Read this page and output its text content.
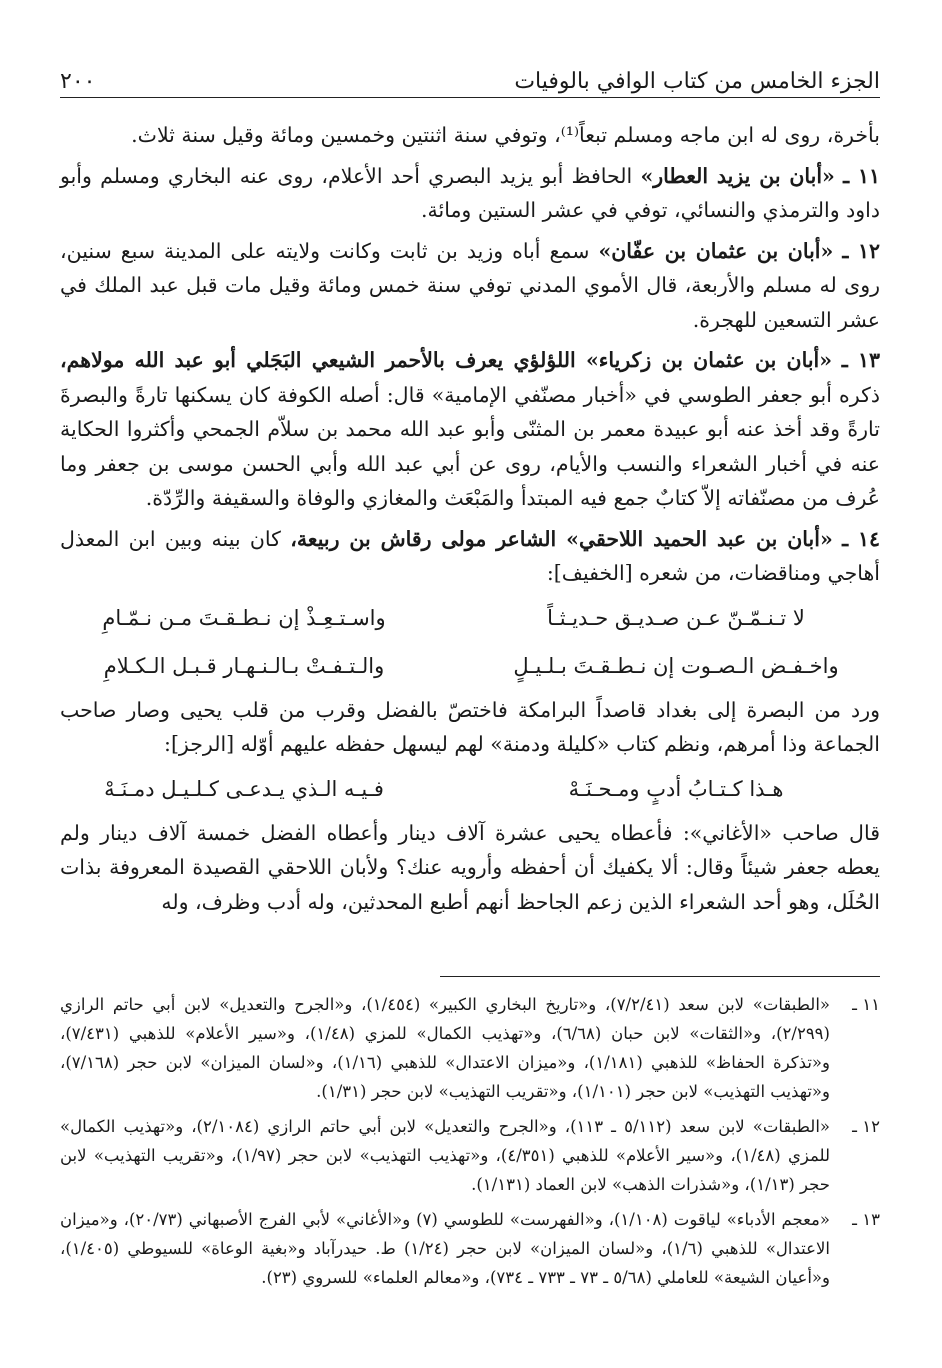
الجزء الخامس من كتاب الوافي بالوفيات
٢٠٠

بأخرة، روى له ابن ماجه ومسلم تبعاً⁽¹⁾، وتوفي سنة اثنتين وخمسين ومائة وقيل سنة ثلاث.

١١ ـ «أبان بن يزيد العطار» الحافظ أبو يزيد البصري أحد الأعلام، روى عنه البخاري ومسلم وأبو داود والترمذي والنسائي، توفي في عشر الستين ومائة.

١٢ ـ «أبان بن عثمان بن عفّان» سمع أباه وزيد بن ثابت وكانت ولايته على المدينة سبع سنين، روى له مسلم والأربعة، قال الأموي المدني توفي سنة خمس ومائة وقيل مات قبل عبد الملك في عشر التسعين للهجرة.

١٣ ـ «أبان بن عثمان بن زكرياء» اللؤلؤي يعرف بالأحمر الشيعي البَجَلي أبو عبد الله مولاهم، ذكره أبو جعفر الطوسي في «أخبار مصنّفي الإمامية» قال: أصله الكوفة كان يسكنها تارةً والبصرةَ تارةً وقد أخذ عنه أبو عبيدة معمر بن المثنّى وأبو عبد الله محمد بن سلاّم الجمحي وأكثروا الحكاية عنه في أخبار الشعراء والنسب والأيام، روى عن أبي عبد الله وأبي الحسن موسى بن جعفر وما عُرف من مصنّفاته إلاّ كتابٌ جمع فيه المبتدأ والمَبْعَث والمغازي والوفاة والسقيفة والرِّدّة.

١٤ ـ «أبان بن عبد الحميد اللاحقي» الشاعر مولى رقاش بن ربيعة، كان بينه وبين ابن المعذل أهاجي ومناقضات، من شعره [الخفيف]:

لا تـنـمّـنّ عـن صـديـق حـديـثـاً
واسـتـعِـذْ إن نـطـقـتَ مـن نـمّـامِ
واخـفـض الـصـوت إن نـطـقـتَ بـلـيـلٍ
والـتـفـتْ بـالـنـهـار قـبـل الـكـلامِ

ورد من البصرة إلى بغداد قاصداً البرامكة فاختصّ بالفضل وقرب من قلب يحيى وصار صاحب الجماعة وذا أمرهم، ونظم كتاب «كليلة ودمنة» لهم ليسهل حفظه عليهم أوّله [الرجز]:

هـذا كـتـابُ أدبٍ ومـحـنَـهْ
فـيـه الـذي يـدعـى كـلـيـل دمـنَـهْ

قال صاحب «الأغاني»: فأعطاه يحيى عشرة آلاف دينار وأعطاه الفضل خمسة آلاف دينار ولم يعطه جعفر شيئاً وقال: ألا يكفيك أن أحفظه وأرويه عنك؟ ولأبان اللاحقي القصيدة المعروفة بذات الحُلَل، وهو أحد الشعراء الذين زعم الجاحظ أنهم أطبع المحدثين، وله أدب وظرف، وله

١١ ـ
«الطبقات» لابن سعد (٧/٢/٤١)، و«تاريخ البخاري الكبير» (١/٤٥٤)، و«الجرح والتعديل» لابن أبي حاتم الرازي (٢/٢٩٩)، و«الثقات» لابن حبان (٦/٦٨)، و«تهذيب الكمال» للمزي (١/٤٨)، و«سير الأعلام» للذهبي (٧/٤٣١)، و«تذكرة الحفاظ» للذهبي (١/١٨١)، و«ميزان الاعتدال» للذهبي (١/١٦)، و«لسان الميزان» لابن حجر (٧/١٦٨)، و«تهذيب التهذيب» لابن حجر (١/١٠١)، و«تقريب التهذيب» لابن حجر (١/٣١).
١٢ ـ
«الطبقات» لابن سعد (٥/١١٢ ـ ١١٣)، و«الجرح والتعديل» لابن أبي حاتم الرازي (٢/١٠٨٤)، و«تهذيب الكمال» للمزي (١/٤٨)، و«سير الأعلام» للذهبي (٤/٣٥١)، و«تهذيب التهذيب» لابن حجر (١/٩٧)، و«تقريب التهذيب» لابن حجر (١/١٣)، و«شذرات الذهب» لابن العماد (١/١٣١).
١٣ ـ
«معجم الأدباء» لياقوت (١/١٠٨)، و«الفهرست» للطوسي (٧) و«الأغاني» لأبي الفرج الأصبهاني (٢٠/٧٣)، و«ميزان الاعتدال» للذهبي (١/٦)، و«لسان الميزان» لابن حجر (١/٢٤) ط. حيدرآباد و«بغية الوعاة» للسيوطي (١/٤٠٥)، و«أعيان الشيعة» للعاملي (٥/٦٨ ـ ٧٣ ـ ٧٣٣ ـ ٧٣٤)، و«معالم العلماء» للسروي (٢٣).
